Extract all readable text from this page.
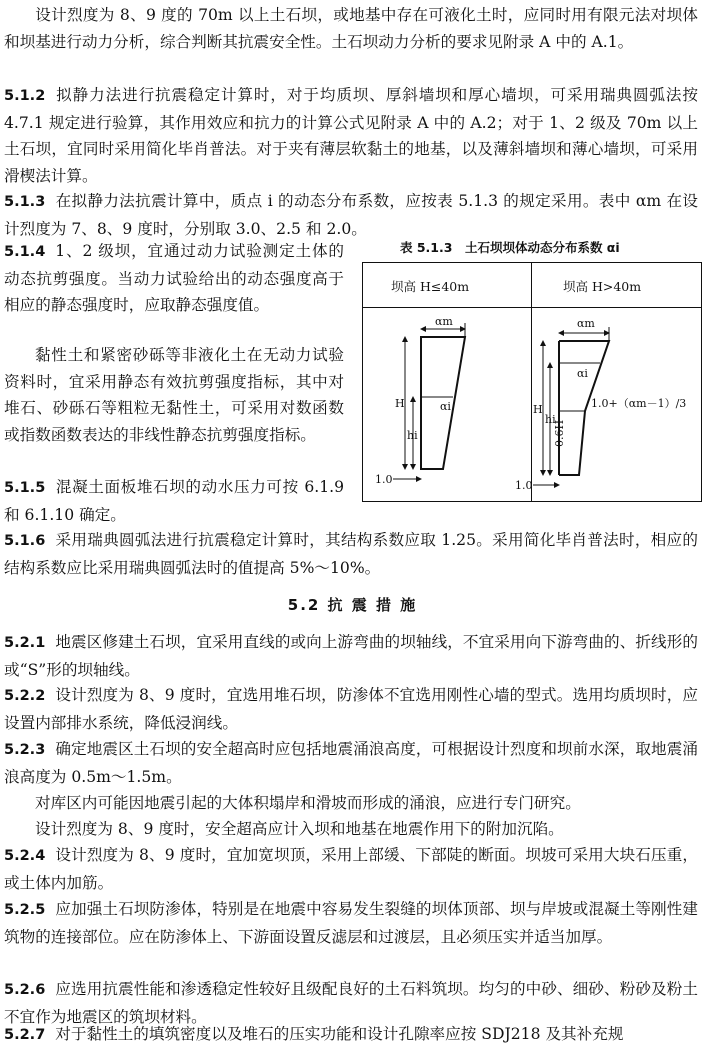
设计烈度为 8、9 度的 70m 以上土石坝，或地基中存在可液化土时，应同时用有限元法对坝体和坝基进行动力分析，综合判断其抗震安全性。土石坝动力分析的要求见附录 A 中的 A.1。

5.1.2 拟静力法进行抗震稳定计算时，对于均质坝、厚斜墙坝和厚心墙坝，可采用瑞典圆弧法按 4.7.1 规定进行验算，其作用效应和抗力的计算公式见附录 A 中的 A.2；对于 1、2 级及 70m 以上土石坝，宜同时采用简化毕肖普法。对于夹有薄层软黏土的地基，以及薄斜墙坝和薄心墙坝，可采用滑楔法计算。

5.1.3 在拟静力法抗震计算中，质点 i 的动态分布系数，应按表 5.1.3 的规定采用。表中 αm 在设计烈度为 7、8、9 度时，分别取 3.0、2.5 和 2.0。

5.1.4 1、2 级坝，宜通过动力试验测定土体的动态抗剪强度。当动力试验给出的动态强度高于相应的静态强度时，应取静态强度值。

黏性土和紧密砂砾等非液化土在无动力试验资料时，宜采用静态有效抗剪强度指标，其中对堆石、砂砾石等粗粒无黏性土，可采用对数函数或指数函数表达的非线性静态抗剪强度指标。

5.1.5 混凝土面板堆石坝的动水压力可按 6.1.9 和 6.1.10 确定。

5.1.6 采用瑞典圆弧法进行抗震稳定计算时，其结构系数应取 1.25。采用简化毕肖普法时，相应的结构系数应比采用瑞典圆弧法时的值提高 5%～10%。

5.2 抗 震 措 施

5.2.1 地震区修建土石坝，宜采用直线的或向上游弯曲的坝轴线，不宜采用向下游弯曲的、折线形的或“S”形的坝轴线。

5.2.2 设计烈度为 8、9 度时，宜选用堆石坝，防渗体不宜选用刚性心墙的型式。选用均质坝时，应设置内部排水系统，降低浸润线。

5.2.3 确定地震区土石坝的安全超高时应包括地震涌浪高度，可根据设计烈度和坝前水深，取地震涌浪高度为 0.5m～1.5m。

对库区内可能因地震引起的大体积塌岸和滑坡而形成的涌浪，应进行专门研究。

设计烈度为 8、9 度时，安全超高应计入坝和地基在地震作用下的附加沉陷。

5.2.4 设计烈度为 8、9 度时，宜加宽坝顶，采用上部缓、下部陡的断面。坝坡可采用大块石压重，或土体内加筋。

5.2.5 应加强土石坝防渗体，特别是在地震中容易发生裂缝的坝体顶部、坝与岸坡或混凝土等刚性建筑物的连接部位。应在防渗体上、下游面设置反滤层和过渡层，且必须压实并适当加厚。

5.2.6 应选用抗震性能和渗透稳定性较好且级配良好的土石料筑坝。均匀的中砂、细砂、粉砂及粉土不宜作为地震区的筑坝材料。

5.2.7 对于黏性土的填筑密度以及堆石的压实功能和设计孔隙率应按 SDJ218 及其补充规

表 5.1.3　土石坝坝体动态分布系数 αi
坝高 H≤40m	坝高 H>40m
αm
αi
H
hi
1.0
αm
αi
1.0+（αm－1）/3
H
hi
0.6H
1.0
